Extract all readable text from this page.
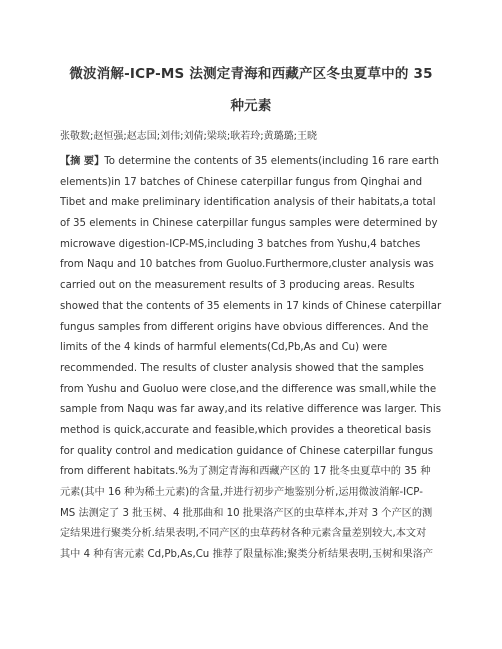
微波消解-ICP-MS 法测定青海和西藏产区冬虫夏草中的 35
种元素
张敬数;赵恒强;赵志国;刘伟;刘倩;梁琰;耿若玲;黄璐璐;王晓
【摘 要】To determine the contents of 35 elements(including 16 rare earth
elements)in 17 batches of Chinese caterpillar fungus from Qinghai and
Tibet and make preliminary identification analysis of their habitats,a total
of 35 elements in Chinese caterpillar fungus samples were determined by
microwave digestion-ICP-MS,including 3 batches from Yushu,4 batches
from Naqu and 10 batches from Guoluo.Furthermore,cluster analysis was
carried out on the measurement results of 3 producing areas. Results
showed that the contents of 35 elements in 17 kinds of Chinese caterpillar
fungus samples from different origins have obvious differences. And the
limits of the 4 kinds of harmful elements(Cd,Pb,As and Cu) were
recommended. The results of cluster analysis showed that the samples
from Yushu and Guoluo were close,and the difference was small,while the
sample from Naqu was far away,and its relative difference was larger. This
method is quick,accurate and feasible,which provides a theoretical basis
for quality control and medication guidance of Chinese caterpillar fungus
from different habitats.%为了测定青海和西藏产区的 17 批冬虫夏草中的 35 种
元素(其中 16 种为稀土元素)的含量,并进行初步产地鉴别分析,运用微波消解-ICP-
MS 法测定了 3 批玉树、4 批那曲和 10 批果洛产区的虫草样本,并对 3 个产区的测
定结果进行聚类分析.结果表明,不同产区的虫草药材各种元素含量差别较大,本文对
其中 4 种有害元素 Cd,Pb,As,Cu 推荐了限量标准;聚类分析结果表明,玉树和果洛产
